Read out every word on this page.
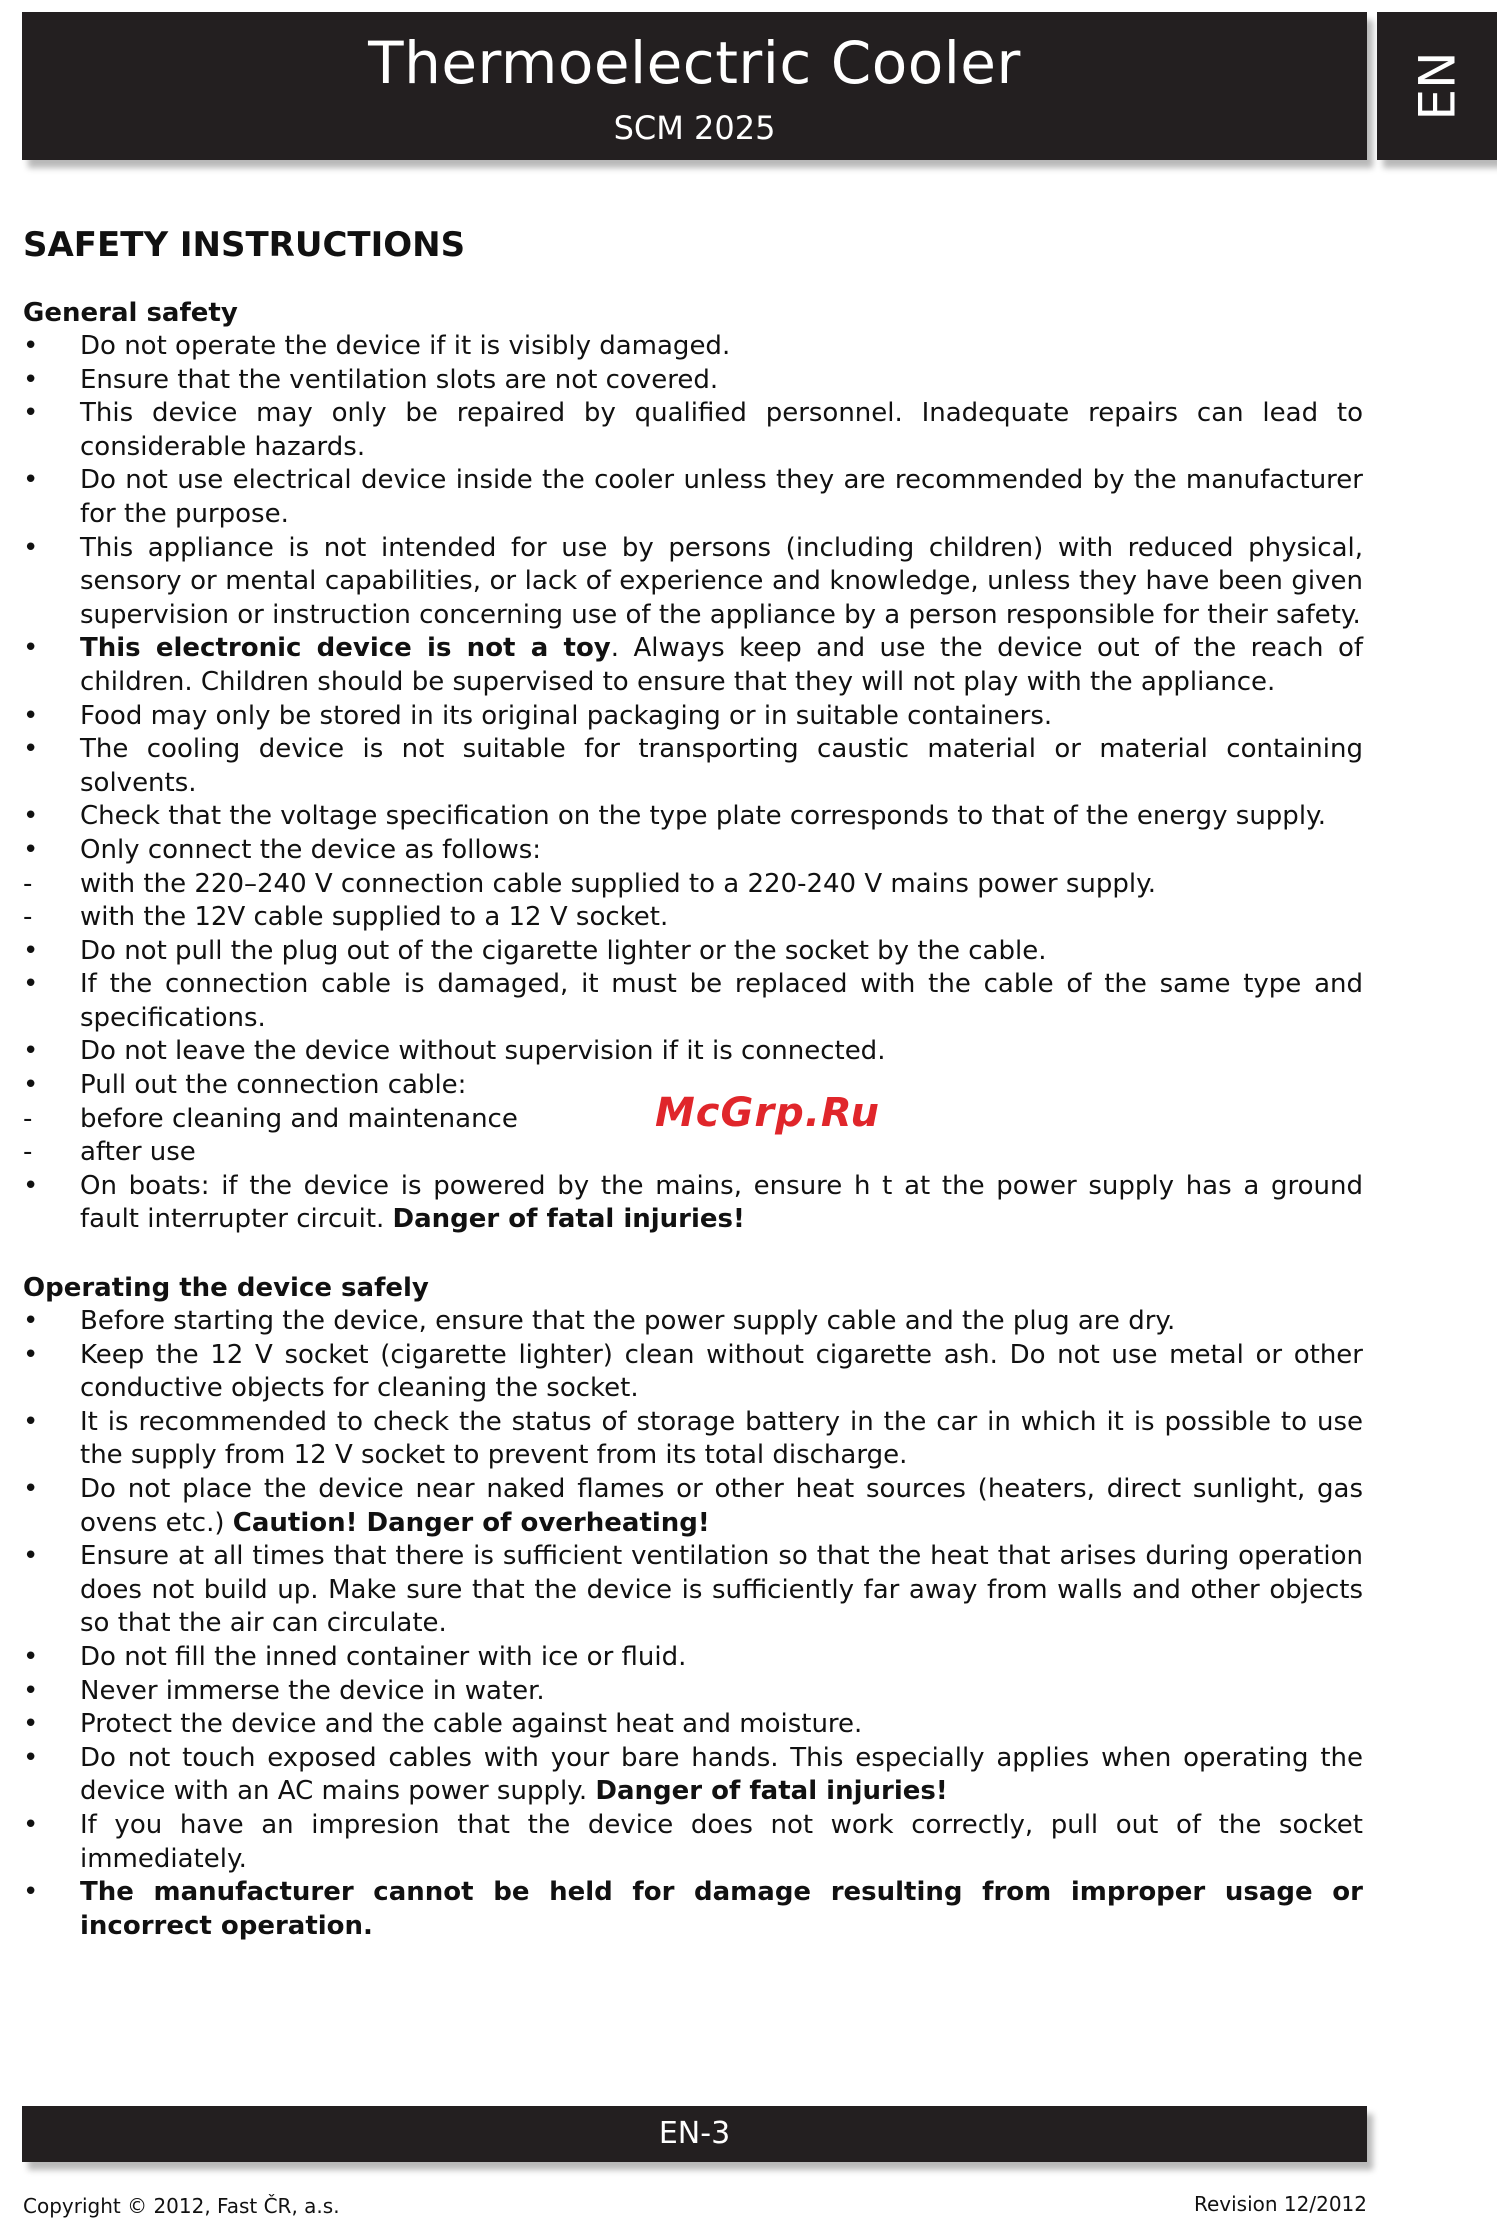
Thermoelectric Cooler
SCM 2025
EN
SAFETY INSTRUCTIONS
General safety
• Do not operate the device if it is visibly damaged.
• Ensure that the ventilation slots are not covered.
• This device may only be repaired by qualified personnel. Inadequate repairs can lead to considerable hazards.
• Do not use electrical device inside the cooler unless they are recommended by the manufacturer for the purpose.
• This appliance is not intended for use by persons (including children) with reduced physical, sensory or mental capabilities, or lack of experience and knowledge, unless they have been given supervision or instruction concerning use of the appliance by a person responsible for their safety.
• This electronic device is not a toy. Always keep and use the device out of the reach of children. Children should be supervised to ensure that they will not play with the appliance.
• Food may only be stored in its original packaging or in suitable containers.
• The cooling device is not suitable for transporting caustic material or material containing solvents.
• Check that the voltage specification on the type plate corresponds to that of the energy supply.
• Only connect the device as follows:
- with the 220–240 V connection cable supplied to a 220-240 V mains power supply.
- with the 12V cable supplied to a 12 V socket.
• Do not pull the plug out of the cigarette lighter or the socket by the cable.
• If the connection cable is damaged, it must be replaced with the cable of the same type and specifications.
• Do not leave the device without supervision if it is connected.
• Pull out the connection cable:
- before cleaning and maintenance
- after use
• On boats: if the device is powered by the mains, ensure h t at the power supply has a ground fault interrupter circuit. Danger of fatal injuries!
Operating the device safely
• Before starting the device, ensure that the power supply cable and the plug are dry.
• Keep the 12 V socket (cigarette lighter) clean without cigarette ash. Do not use metal or other conductive objects for cleaning the socket.
• It is recommended to check the status of storage battery in the car in which it is possible to use the supply from 12 V socket to prevent from its total discharge.
• Do not place the device near naked flames or other heat sources (heaters, direct sunlight, gas ovens etc.) Caution! Danger of overheating!
• Ensure at all times that there is sufficient ventilation so that the heat that arises during operation does not build up. Make sure that the device is sufficiently far away from walls and other objects so that the air can circulate.
• Do not fill the inned container with ice or fluid.
• Never immerse the device in water.
• Protect the device and the cable against heat and moisture.
• Do not touch exposed cables with your bare hands. This especially applies when operating the device with an AC mains power supply. Danger of fatal injuries!
• If you have an impresion that the device does not work correctly, pull out of the socket immediately.
• The manufacturer cannot be held for damage resulting from improper usage or incorrect operation.
McGrp.Ru
EN-3
Copyright © 2012, Fast ČR, a.s.	Revision 12/2012
